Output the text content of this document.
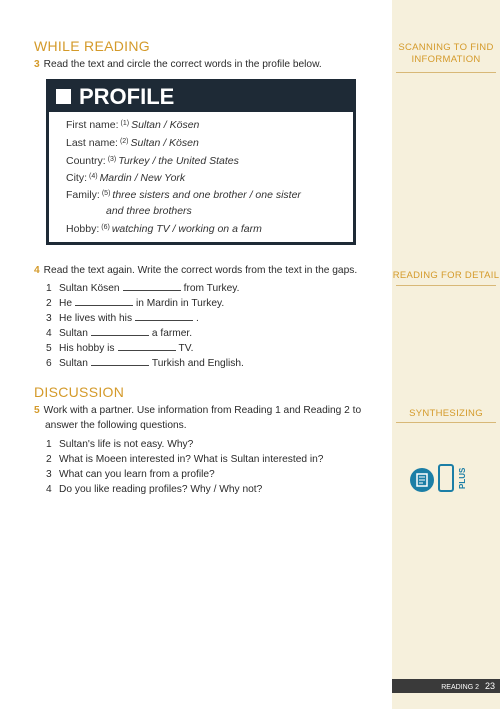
SCANNING TO FIND
INFORMATION
READING FOR DETAIL
SYNTHESIZING
PLUS
WHILE READING
3 Read the text and circle the correct words in the profile below.
PROFILE
First name: $^{(1)}$ Sultan / Kösen
Last name: $^{(2)}$ Sultan / Kösen
Country: $^{(3)}$ Turkey / the United States
City: $^{(4)}$ Mardin / New York
Family: $^{(5)}$ three sisters and one brother / one sister
and three brothers
Hobby: $^{(6)}$ watching TV / working on a farm
4 Read the text again. Write the correct words from the text in the gaps.
1 Sultan Kösen	from Turkey.
2 He	in Mardin in Turkey.
3 He lives with his	.
4 Sultan	a farmer.
5 His hobby is	TV.
6 Sultan	Turkish and English.
DISCUSSION
5 Work with a partner. Use information from Reading 1 and Reading 2 to
answer the following questions.
1 Sultan's life is not easy. Why?
2 What is Moeen interested in? What is Sultan interested in?
3 What can you learn from a profile?
4 Do you like reading profiles? Why / Why not?
READING 2 23
